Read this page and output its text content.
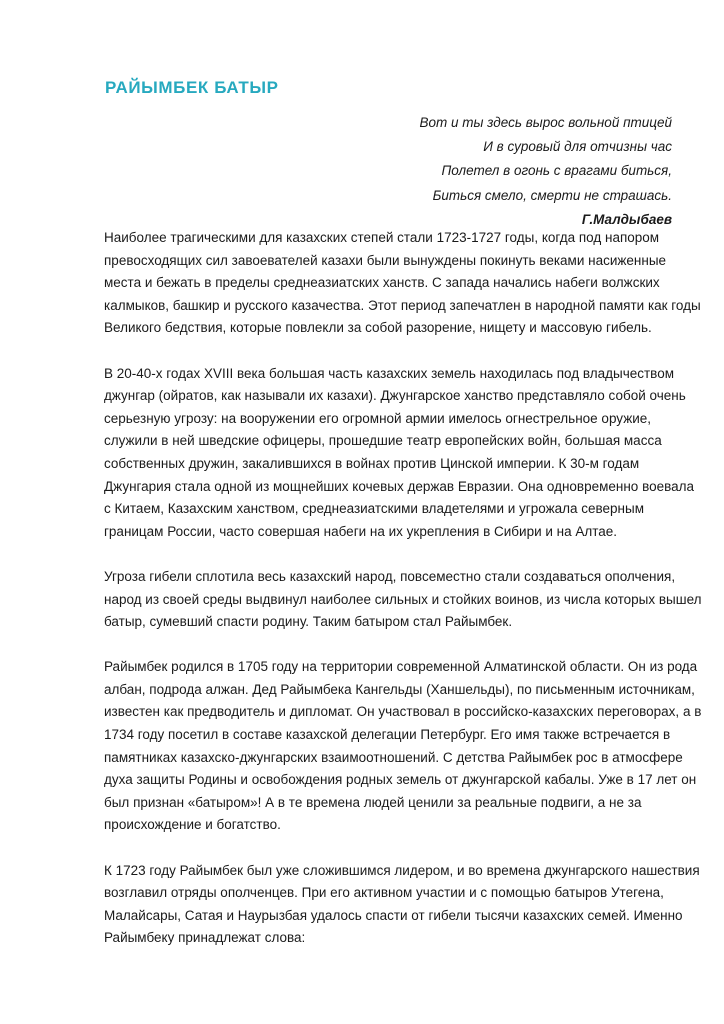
РАЙЫМБЕК БАТЫР
Вот и ты здесь вырос вольной птицей
И в суровый для отчизны час
Полетел в огонь с врагами биться,
Биться смело, смерти не страшась.
Г.Малдыбаев

Наиболее трагическими для казахских степей стали 1723-1727 годы, когда под напором
превосходящих сил завоевателей казахи были вынуждены покинуть веками насиженные
места и бежать в пределы среднеазиатских ханств. С запада начались набеги волжских
калмыков, башкир и русского казачества. Этот период запечатлен в народной памяти как годы
Великого бедствия, которые повлекли за собой разорение, нищету и массовую гибель.

В 20-40-х годах XVIII века большая часть казахских земель находилась под владычеством
джунгар (ойратов, как называли их казахи). Джунгарское ханство представляло собой очень
серьезную угрозу: на вооружении его огромной армии имелось огнестрельное оружие,
служили в ней шведские офицеры, прошедшие театр европейских войн, большая масса
собственных дружин, закалившихся в войнах против Цинской империи. К 30-м годам
Джунгария стала одной из мощнейших кочевых держав Евразии. Она одновременно воевала
с Китаем, Казахским ханством, среднеазиатскими владетелями и угрожала северным
границам России, часто совершая набеги на их укрепления в Сибири и на Алтае.

Угроза гибели сплотила весь казахский народ, повсеместно стали создаваться ополчения,
народ из своей среды выдвинул наиболее сильных и стойких воинов, из числа которых вышел
батыр, сумевший спасти родину. Таким батыром стал Райымбек.

Райымбек родился в 1705 году на территории современной Алматинской области. Он из рода
албан, подрода алжан. Дед Райымбека Кангельды (Ханшельды), по письменным источникам,
известен как предводитель и дипломат. Он участвовал в российско-казахских переговорах, а в
1734 году посетил в составе казахской делегации Петербург. Его имя также встречается в
памятниках казахско-джунгарских взаимоотношений. С детства Райымбек рос в атмосфере
духа защиты Родины и освобождения родных земель от джунгарской кабалы. Уже в 17 лет он
был признан «батыром»! А в те времена людей ценили за реальные подвиги, а не за
происхождение и богатство.

К 1723 году Райымбек был уже сложившимся лидером, и во времена джунгарского нашествия
возглавил отряды ополченцев. При его активном участии и с помощью батыров Утегена,
Малайсары, Сатая и Наурызбая удалось спасти от гибели тысячи казахских семей. Именно
Райымбеку принадлежат слова:
